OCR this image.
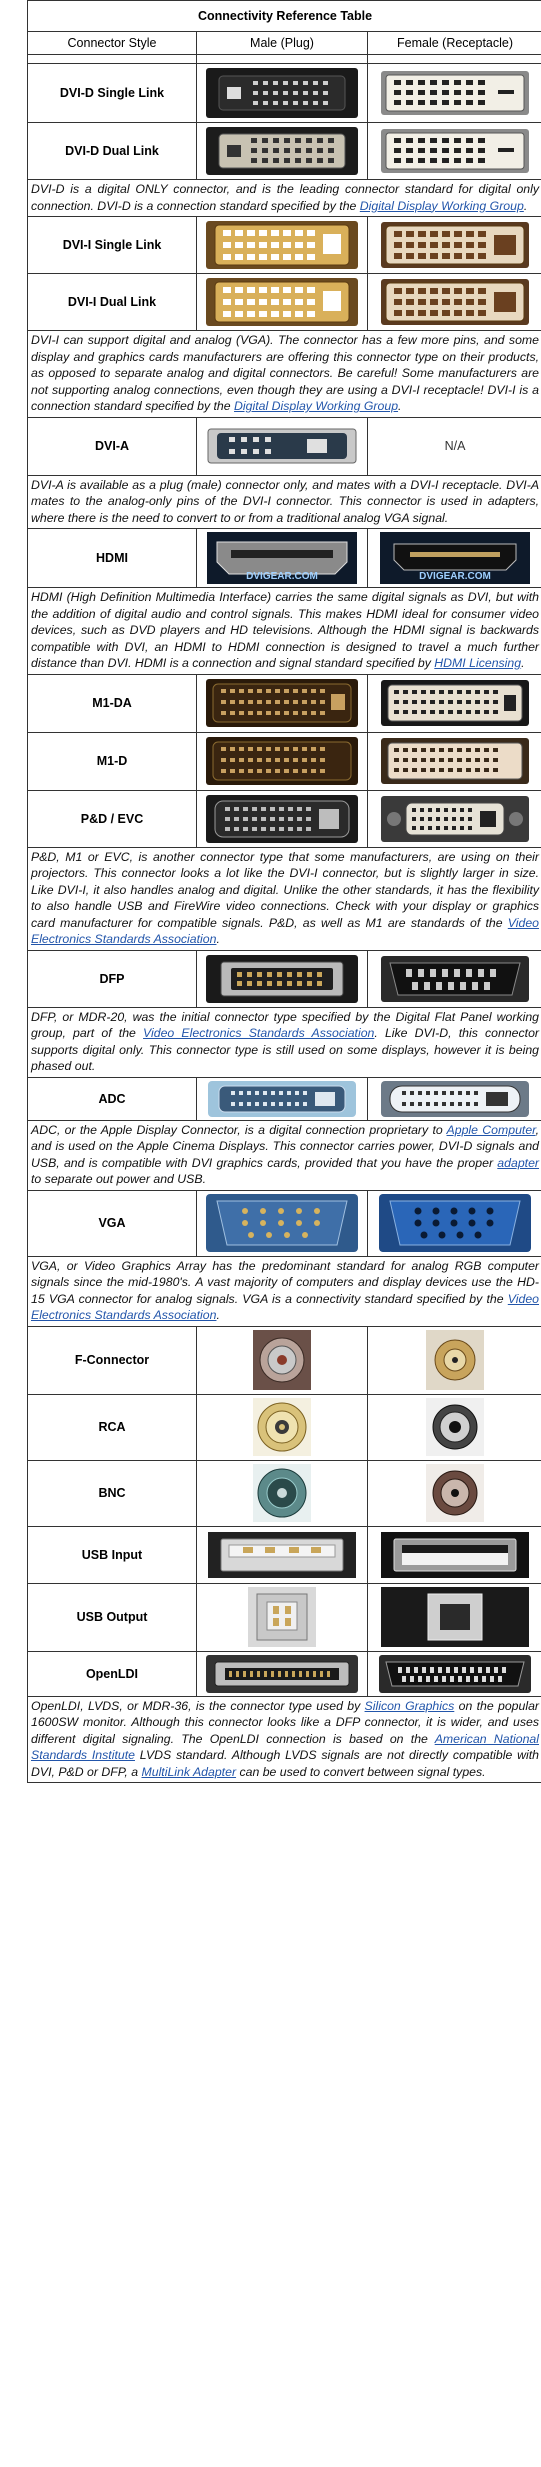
Connectivity Reference Table		
Connector Style	Male (Plug)	Female (Receptacle)

DVI-D Single Link	

DVI-D Dual Link	

DVI-D is a digital ONLY connector, and is the leading connector standard for digital only connection. DVI-D is a connection standard specified by the Digital Display Working Group.		
DVI-I Single Link	

DVI-I Dual Link	

DVI-I can support digital and analog (VGA). The connector has a few more pins, and some display and graphics cards manufacturers are offering this connector type on their products, as opposed to separate analog and digital connectors. Be careful! Some manufacturers are not supporting analog connections, even though they are using a DVI-I receptacle! DVI-I is a connection standard specified by the Digital Display Working Group.		
DVI-A		N/A
DVI-A is available as a plug (male) connector only, and mates with a DVI-I receptacle. DVI-A mates to the analog-only pins of the DVI-I connector. This connector is used in adapters, where there is the need to convert to or from a traditional analog VGA signal.		
HDMI	DVIGEAR.COM	DVIGEAR.COM

HDMI (High Definition Multimedia Interface) carries the same digital signals as DVI, but with the addition of digital audio and control signals. This makes HDMI ideal for consumer video devices, such as DVD players and HD televisions. Although the HDMI signal is backwards compatible with DVI, an HDMI to HDMI connection is designed to travel a much further distance than DVI. HDMI is a connection and signal standard specified by HDMI Licensing.		
M1-DA	

M1-D	

P&D / EVC	

P&D, M1 or EVC, is another connector type that some manufacturers, are using on their projectors. This connector looks a lot like the DVI-I connector, but is slightly larger in size. Like DVI-I, it also handles analog and digital. Unlike the other standards, it has the flexibility to also handle USB and FireWire video connections. Check with your display or graphics card manufacturer for compatible signals. P&D, as well as M1 are standards of the Video Electronics Standards Association.		
DFP	

DFP, or MDR-20, was the initial connector type specified by the Digital Flat Panel working group, part of the Video Electronics Standards Association. Like DVI-D, this connector supports digital only. This connector type is still used on some displays, however it is being phased out.		
ADC	

ADC, or the Apple Display Connector, is a digital connection proprietary to Apple Computer, and is used on the Apple Cinema Displays. This connector carries power, DVI-D signals and USB, and is compatible with DVI graphics cards, provided that you have the proper adapter to separate out power and USB.		
VGA	

VGA, or Video Graphics Array has the predominant standard for analog RGB computer signals since the mid-1980's. A vast majority of computers and display devices use the HD-15 VGA connector for analog signals. VGA is a connectivity standard specified by the Video Electronics Standards Association.		
F-Connector	

RCA	

BNC	

USB Input	

USB Output	

OpenLDI	

OpenLDI, LVDS, or MDR-36, is the connector type used by Silicon Graphics on the popular 1600SW monitor. Although this connector looks like a DFP connector, it is wider, and uses different digital signaling. The OpenLDI connection is based on the American National Standards Institute LVDS standard. Although LVDS signals are not directly compatible with DVI, P&D or DFP, a MultiLink Adapter can be used to convert between signal types.		
